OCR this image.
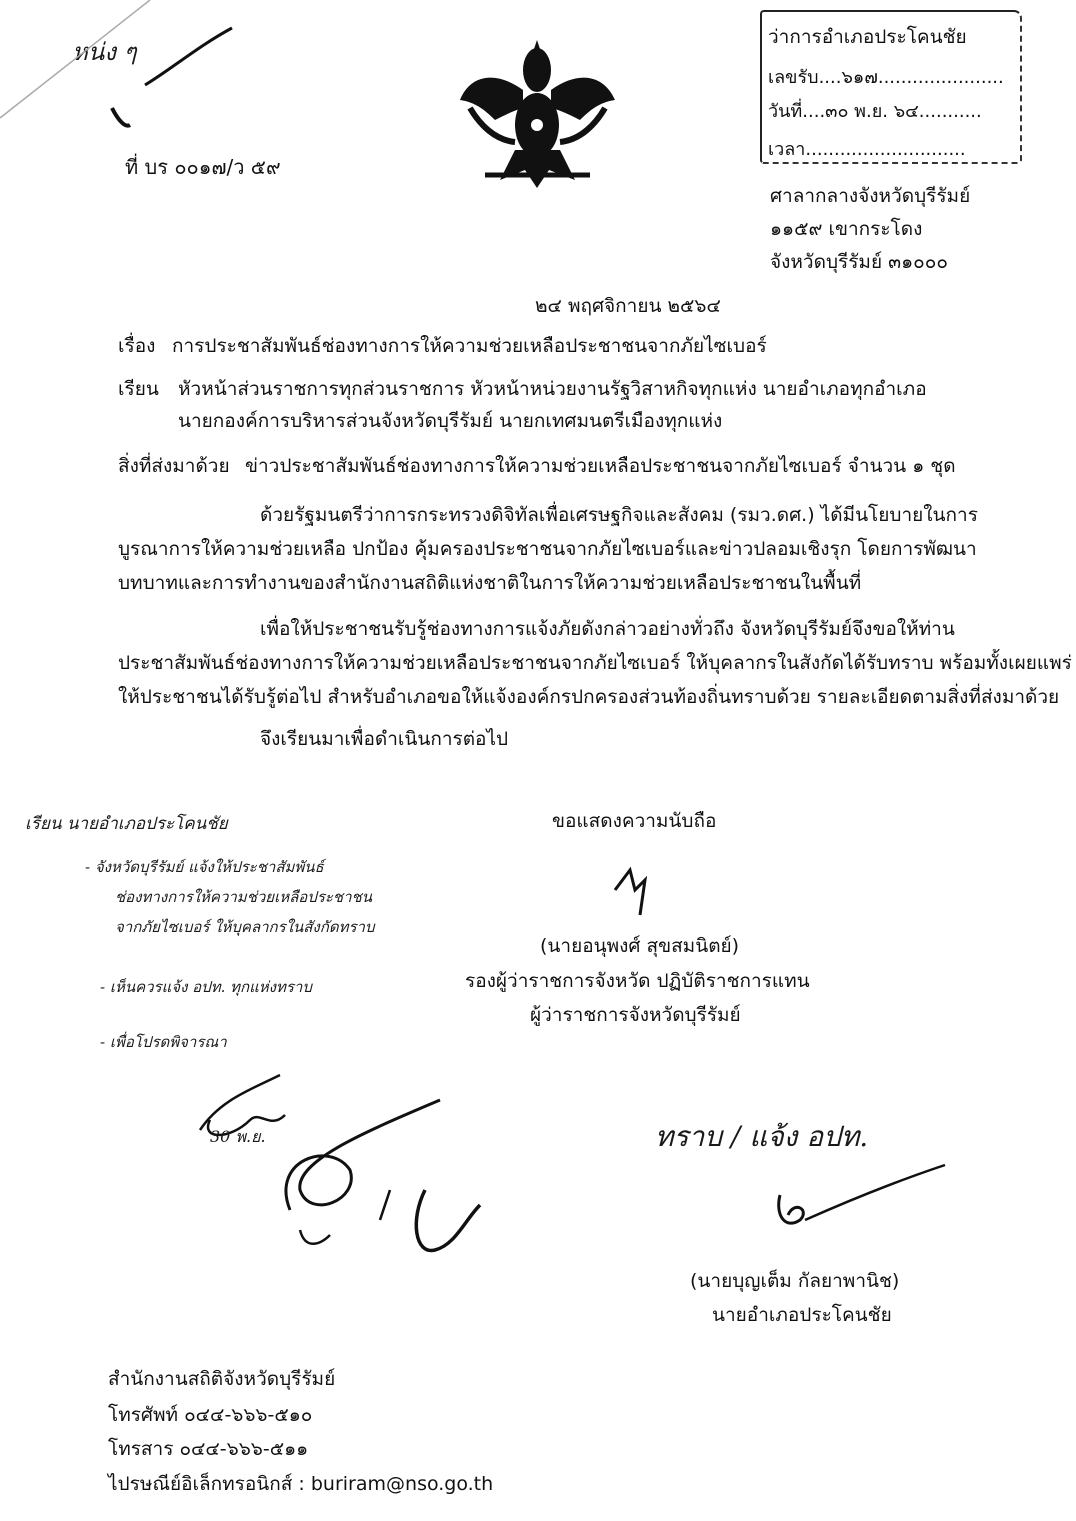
หน่ง ๆ
ที่ บร ๐๐๑๗/ว ๕๙
ว่าการอำเภอประโคนชัย
เลขรับ....๖๑๗......................
วันที่....๓๐ พ.ย. ๖๔...........
เวลา............................
ศาลากลางจังหวัดบุรีรัมย์
๑๑๕๙ เขากระโดง
จังหวัดบุรีรัมย์ ๓๑๐๐๐
๒๔ พฤศจิกายน ๒๕๖๔
เรื่อง การประชาสัมพันธ์ช่องทางการให้ความช่วยเหลือประชาชนจากภัยไซเบอร์
เรียน หัวหน้าส่วนราชการทุกส่วนราชการ หัวหน้าหน่วยงานรัฐวิสาหกิจทุกแห่ง นายอำเภอทุกอำเภอ
นายกองค์การบริหารส่วนจังหวัดบุรีรัมย์ นายกเทศมนตรีเมืองทุกแห่ง
สิ่งที่ส่งมาด้วย ข่าวประชาสัมพันธ์ช่องทางการให้ความช่วยเหลือประชาชนจากภัยไซเบอร์ จำนวน ๑ ชุด
ด้วยรัฐมนตรีว่าการกระทรวงดิจิทัลเพื่อเศรษฐกิจและสังคม (รมว.ดศ.) ได้มีนโยบายในการ
บูรณาการให้ความช่วยเหลือ ปกป้อง คุ้มครองประชาชนจากภัยไซเบอร์และข่าวปลอมเชิงรุก โดยการพัฒนา
บทบาทและการทำงานของสำนักงานสถิติแห่งชาติในการให้ความช่วยเหลือประชาชนในพื้นที่
เพื่อให้ประชาชนรับรู้ช่องทางการแจ้งภัยดังกล่าวอย่างทั่วถึง จังหวัดบุรีรัมย์จึงขอให้ท่าน
ประชาสัมพันธ์ช่องทางการให้ความช่วยเหลือประชาชนจากภัยไซเบอร์ ให้บุคลากรในสังกัดได้รับทราบ พร้อมทั้งเผยแพร่
ให้ประชาชนได้รับรู้ต่อไป สำหรับอำเภอขอให้แจ้งองค์กรปกครองส่วนท้องถิ่นทราบด้วย รายละเอียดตามสิ่งที่ส่งมาด้วย
จึงเรียนมาเพื่อดำเนินการต่อไป
ขอแสดงความนับถือ
(นายอนุพงศ์ สุขสมนิตย์)
รองผู้ว่าราชการจังหวัด ปฏิบัติราชการแทน
ผู้ว่าราชการจังหวัดบุรีรัมย์
เรียน นายอำเภอประโคนชัย
- จังหวัดบุรีรัมย์ แจ้งให้ประชาสัมพันธ์
ช่องทางการให้ความช่วยเหลือประชาชน
จากภัยไซเบอร์ ให้บุคลากรในสังกัดทราบ
- เห็นควรแจ้ง อปท. ทุกแห่งทราบ
- เพื่อโปรดพิจารณา
30 พ.ย.	ทราบ / แจ้ง อปท.
(นายบุญเต็ม กัลยาพานิช)
นายอำเภอประโคนชัย
สำนักงานสถิติจังหวัดบุรีรัมย์
โทรศัพท์ ๐๔๔-๖๖๖-๕๑๐
โทรสาร ๐๔๔-๖๖๖-๕๑๑
ไปรษณีย์อิเล็กทรอนิกส์ : buriram@nso.go.th
